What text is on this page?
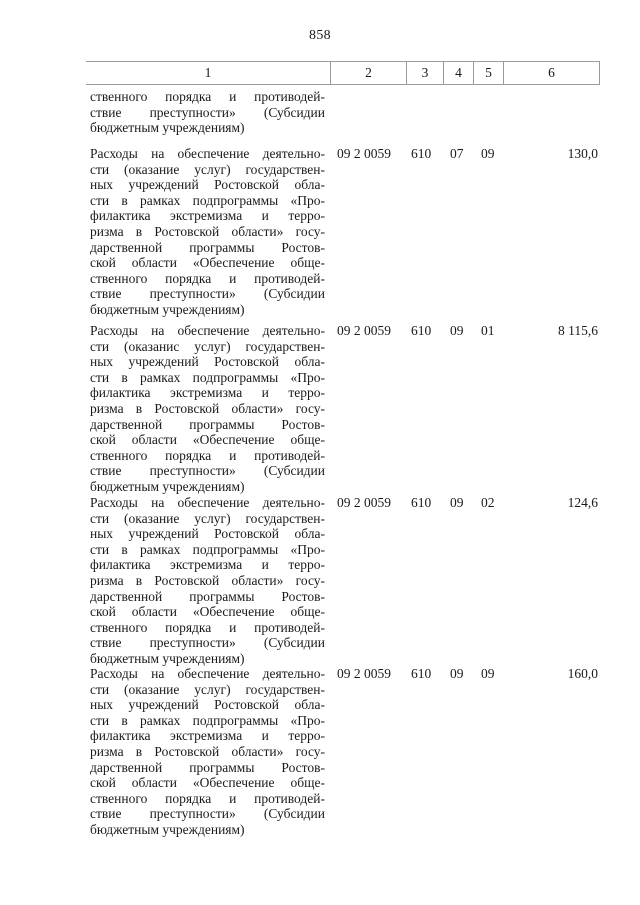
858
1	2	3	4	5	6
ственного порядка и противодей-
ствие преступности» (Субсидии
бюджетным учреждениям)
Расходы на обеспечение деятельно-
сти (оказание услуг) государствен-
ных учреждений Ростовской обла-
сти в рамках подпрограммы «Про-
филактика экстремизма и терро-
ризма в Ростовской области» госу-
дарственной программы Ростов-
ской области «Обеспечение обще-
ственного порядка и противодей-
ствие преступности» (Субсидии
бюджетным учреждениям)
09 2 0059 610 07 09	130,0
Расходы на обеспечение деятельно-
сти (оказанис услуг) государствен-
ных учреждений Ростовской обла-
сти в рамках подпрограммы «Про-
филактика экстремизма и терро-
ризма в Ростовской области» госу-
дарственной программы Ростов-
ской области «Обеспечение обще-
ственного порядка и противодей-
ствие преступности» (Субсидии
бюджетным учреждениям)
09 2 0059 610 09 01	8 115,6
Расходы на обеспечение деятельно-
сти (оказание услуг) государствен-
ных учреждений Ростовской обла-
сти в рамках подпрограммы «Про-
филактика экстремизма и терро-
ризма в Ростовской области» госу-
дарственной программы Ростов-
ской области «Обеспечение обще-
ственного порядка и противодей-
ствие преступности» (Субсидии
бюджетным учреждениям)
09 2 0059 610 09 02	124,6
Расходы на обеспечение деятельно-
сти (оказание услуг) государствен-
ных учреждений Ростовской обла-
сти в рамках подпрограммы «Про-
филактика экстремизма и терро-
ризма в Ростовской области» госу-
дарственной программы Ростов-
ской области «Обеспечение обще-
ственного порядка и противодей-
ствие преступности» (Субсидии
бюджетным учреждениям)
09 2 0059 610 09 09	160,0
